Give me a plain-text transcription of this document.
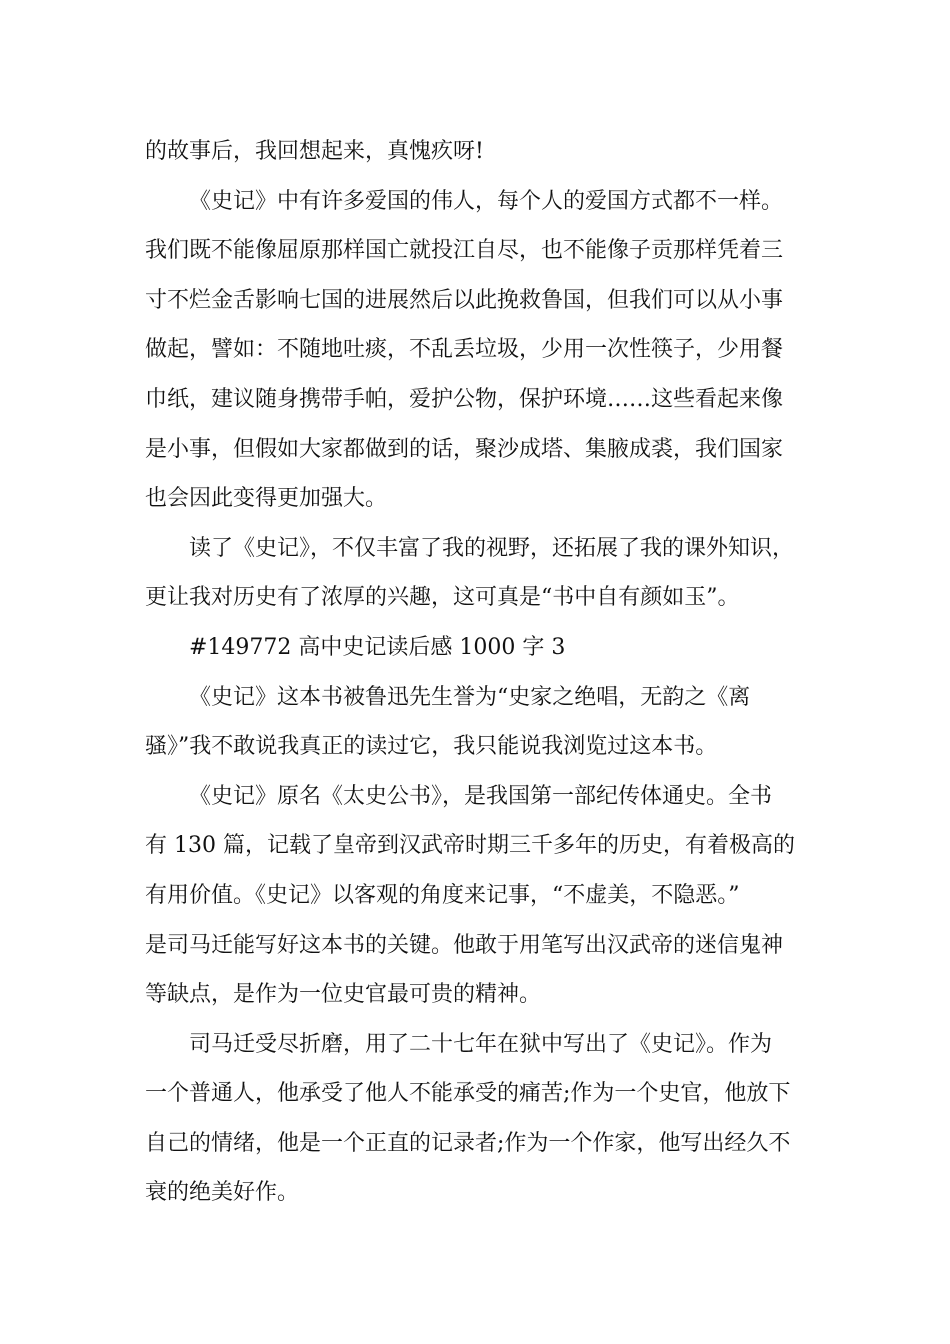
的故事后，我回想起来，真愧疚呀!
《史记》中有许多爱国的伟人，每个人的爱国方式都不一样。
我们既不能像屈原那样国亡就投江自尽，也不能像子贡那样凭着三
寸不烂金舌影响七国的进展然后以此挽救鲁国，但我们可以从小事
做起，譬如：不随地吐痰，不乱丢垃圾，少用一次性筷子，少用餐
巾纸，建议随身携带手帕，爱护公物，保护环境……这些看起来像
是小事，但假如大家都做到的话，聚沙成塔、集腋成裘，我们国家
也会因此变得更加强大。
读了《史记》，不仅丰富了我的视野，还拓展了我的课外知识，
更让我对历史有了浓厚的兴趣，这可真是“书中自有颜如玉”。
#149772 高中史记读后感 1000 字 3
《史记》这本书被鲁迅先生誉为“史家之绝唱，无韵之《离
骚》”我不敢说我真正的读过它，我只能说我浏览过这本书。
《史记》原名《太史公书》，是我国第一部纪传体通史。全书
有 130 篇，记载了皇帝到汉武帝时期三千多年的历史，有着极高的
有用价值。《史记》以客观的角度来记事，“不虚美，不隐恶。”
是司马迁能写好这本书的关键。他敢于用笔写出汉武帝的迷信鬼神
等缺点，是作为一位史官最可贵的精神。
司马迁受尽折磨，用了二十七年在狱中写出了《史记》。作为
一个普通人，他承受了他人不能承受的痛苦;作为一个史官，他放下
自己的情绪，他是一个正直的记录者;作为一个作家，他写出经久不
衰的绝美好作。
